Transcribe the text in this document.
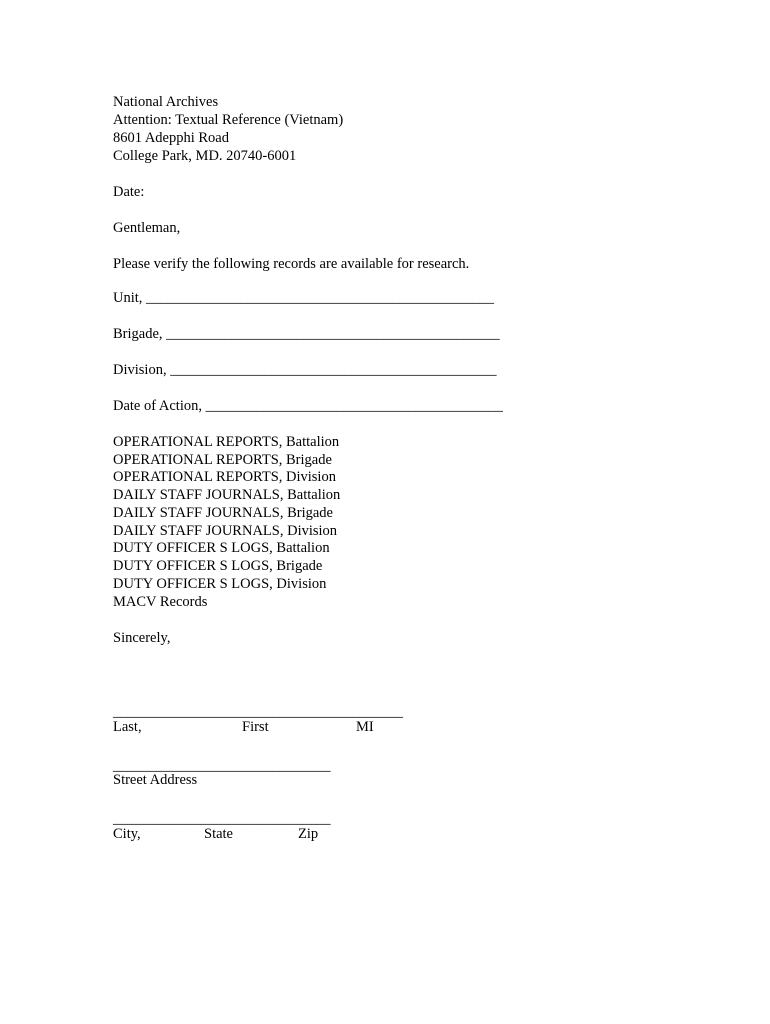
National Archives
Attention: Textual Reference (Vietnam)
8601 Adepphi Road
College Park, MD. 20740-6001
Date:
Gentleman,
Please verify the following records are available for research.
Unit, ________________________________________________
Brigade, ______________________________________________
Division, _____________________________________________
Date of Action, _________________________________________
OPERATIONAL REPORTS, Battalion
OPERATIONAL REPORTS, Brigade
OPERATIONAL REPORTS, Division
DAILY STAFF JOURNALS, Battalion
DAILY STAFF JOURNALS, Brigade
DAILY STAFF JOURNALS, Division
DUTY OFFICER S LOGS, Battalion
DUTY OFFICER S LOGS, Brigade
DUTY OFFICER S LOGS, Division
MACV Records
Sincerely,
________________________________________
Last,	First	MI
______________________________
Street Address
______________________________
City,	State	Zip
